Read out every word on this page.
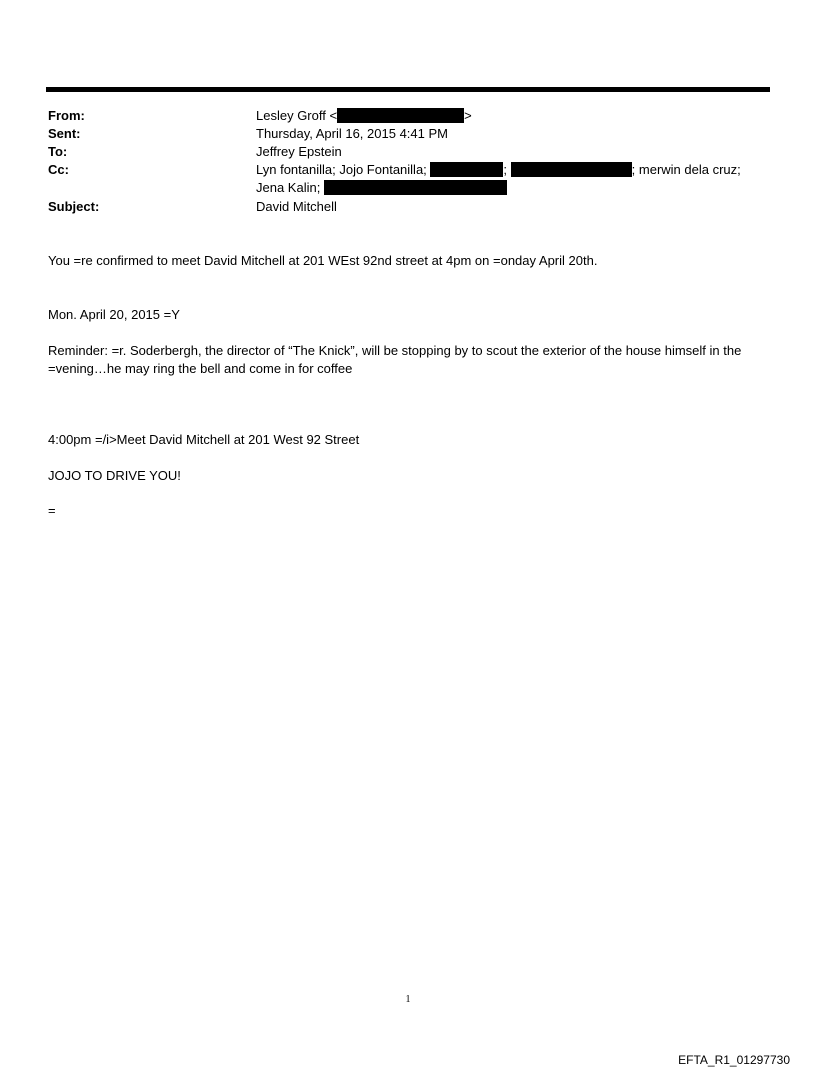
From:	Lesley Groff <	>
Sent:	Thursday, April 16, 2015 4:41 PM
To:	Jeffrey Epstein
Cc:	Lyn fontanilla; Jojo Fontanilla;	;	; merwin dela cruz;
Jena Kalin;
Subject:	David Mitchell
You =re confirmed to meet David Mitchell at 201 WEst 92nd street at 4pm on =onday April 20th.
Mon. April 20, 2015 =Y
Reminder: =r. Soderbergh, the director of “The Knick”, will be stopping by to scout the exterior of the house himself in the =vening…he may ring the bell and come in for coffee
4:00pm =/i>Meet David Mitchell at 201 West 92 Street
JOJO TO DRIVE YOU!
=
1
EFTA_R1_01297730
